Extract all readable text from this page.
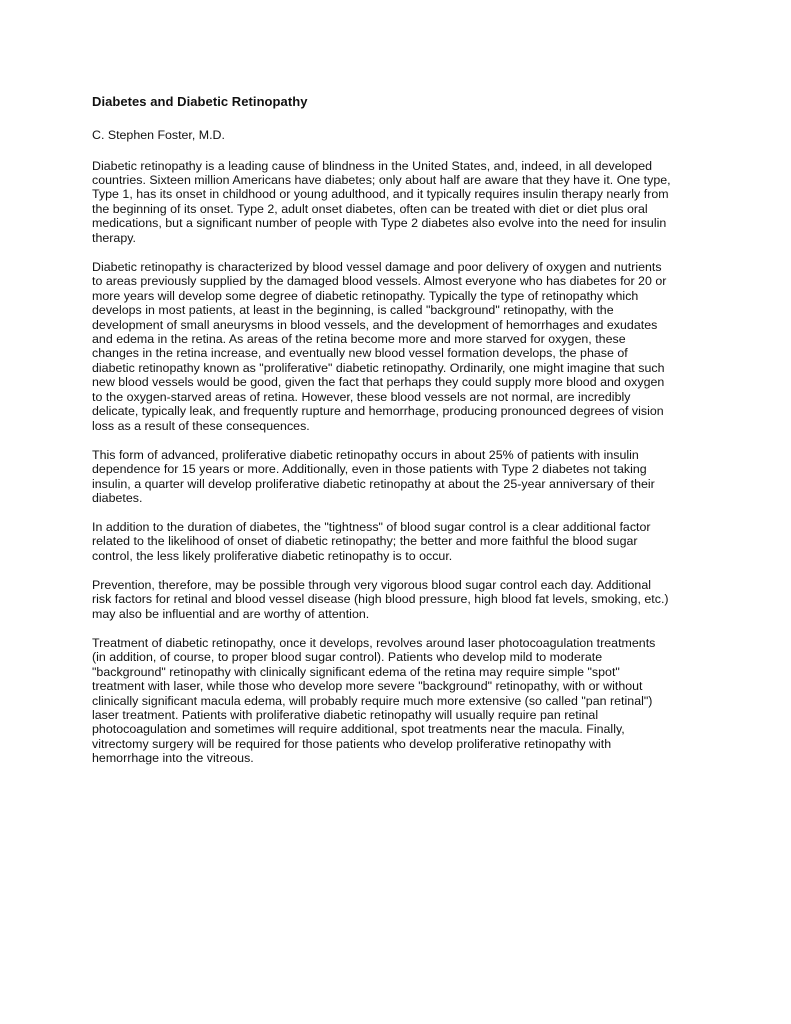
Diabetes and Diabetic Retinopathy
C. Stephen Foster, M.D.
Diabetic retinopathy is a leading cause of blindness in the United States, and, indeed, in all developed
countries. Sixteen million Americans have diabetes; only about half are aware that they have it. One type,
Type 1, has its onset in childhood or young adulthood, and it typically requires insulin therapy nearly from
the beginning of its onset. Type 2, adult onset diabetes, often can be treated with diet or diet plus oral
medications, but a significant number of people with Type 2 diabetes also evolve into the need for insulin
therapy.
Diabetic retinopathy is characterized by blood vessel damage and poor delivery of oxygen and nutrients
to areas previously supplied by the damaged blood vessels. Almost everyone who has diabetes for 20 or
more years will develop some degree of diabetic retinopathy. Typically the type of retinopathy which
develops in most patients, at least in the beginning, is called "background" retinopathy, with the
development of small aneurysms in blood vessels, and the development of hemorrhages and exudates
and edema in the retina. As areas of the retina become more and more starved for oxygen, these
changes in the retina increase, and eventually new blood vessel formation develops, the phase of
diabetic retinopathy known as "proliferative" diabetic retinopathy. Ordinarily, one might imagine that such
new blood vessels would be good, given the fact that perhaps they could supply more blood and oxygen
to the oxygen-starved areas of retina. However, these blood vessels are not normal, are incredibly
delicate, typically leak, and frequently rupture and hemorrhage, producing pronounced degrees of vision
loss as a result of these consequences.
This form of advanced, proliferative diabetic retinopathy occurs in about 25% of patients with insulin
dependence for 15 years or more. Additionally, even in those patients with Type 2 diabetes not taking
insulin, a quarter will develop proliferative diabetic retinopathy at about the 25-year anniversary of their
diabetes.
In addition to the duration of diabetes, the "tightness" of blood sugar control is a clear additional factor
related to the likelihood of onset of diabetic retinopathy; the better and more faithful the blood sugar
control, the less likely proliferative diabetic retinopathy is to occur.
Prevention, therefore, may be possible through very vigorous blood sugar control each day. Additional
risk factors for retinal and blood vessel disease (high blood pressure, high blood fat levels, smoking, etc.)
may also be influential and are worthy of attention.
Treatment of diabetic retinopathy, once it develops, revolves around laser photocoagulation treatments
(in addition, of course, to proper blood sugar control). Patients who develop mild to moderate
"background" retinopathy with clinically significant edema of the retina may require simple "spot"
treatment with laser, while those who develop more severe "background" retinopathy, with or without
clinically significant macula edema, will probably require much more extensive (so called "pan retinal")
laser treatment. Patients with proliferative diabetic retinopathy will usually require pan retinal
photocoagulation and sometimes will require additional, spot treatments near the macula. Finally,
vitrectomy surgery will be required for those patients who develop proliferative retinopathy with
hemorrhage into the vitreous.
